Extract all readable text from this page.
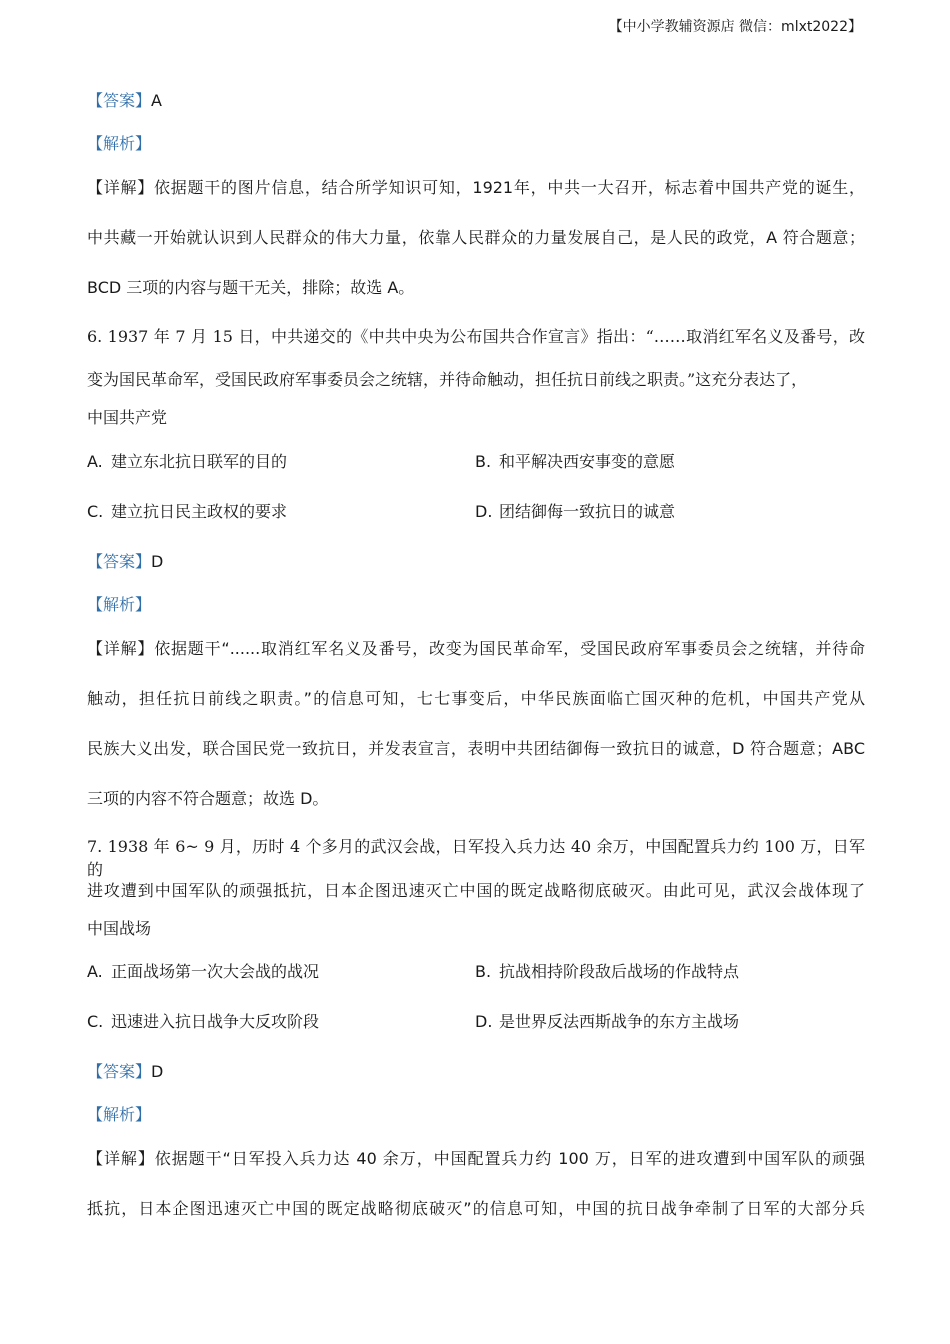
【中小学教辅资源店 微信：mlxt2022】
【答案】A
【解析】
【详解】依据题干的图片信息，结合所学知识可知，1921年，中共一大召开，标志着中国共产党的诞生，
中共藏一开始就认识到人民群众的伟大力量，依靠人民群众的力量发展自己，是人民的政党，A 符合题意；
BCD 三项的内容与题干无关，排除；故选 A。
6. 1937 年 7 月 15 日，中共递交的《中共中央为公布国共合作宣言》指出：“……取消红军名义及番号，改
变为国民革命军，受国民政府军事委员会之统辖，并待命触动，担任抗日前线之职责。”这充分表达了，
中国共产党
A. 建立东北抗日联军的目的	B. 和平解决西安事变的意愿
C. 建立抗日民主政权的要求	D. 团结御侮一致抗日的诚意
【答案】D
【解析】
【详解】依据题干“......取消红军名义及番号，改变为国民革命军，受国民政府军事委员会之统辖，并待命
触动，担任抗日前线之职责。”的信息可知，七七事变后，中华民族面临亡国灭种的危机，中国共产党从
民族大义出发，联合国民党一致抗日，并发表宣言，表明中共团结御侮一致抗日的诚意，D 符合题意；ABC
三项的内容不符合题意；故选 D。
7. 1938 年 6~ 9 月，历时 4 个多月的武汉会战，日军投入兵力达 40 余万，中国配置兵力约 100 万，日军的
进攻遭到中国军队的顽强抵抗，日本企图迅速灭亡中国的既定战略彻底破灭。由此可见，武汉会战体现了
中国战场
A. 正面战场第一次大会战的战况	B. 抗战相持阶段敌后战场的作战特点
C. 迅速进入抗日战争大反攻阶段	D. 是世界反法西斯战争的东方主战场
【答案】D
【解析】
【详解】依据题干“日军投入兵力达 40 余万，中国配置兵力约 100 万，日军的进攻遭到中国军队的顽强
抵抗，日本企图迅速灭亡中国的既定战略彻底破灭”的信息可知，中国的抗日战争牵制了日军的大部分兵
